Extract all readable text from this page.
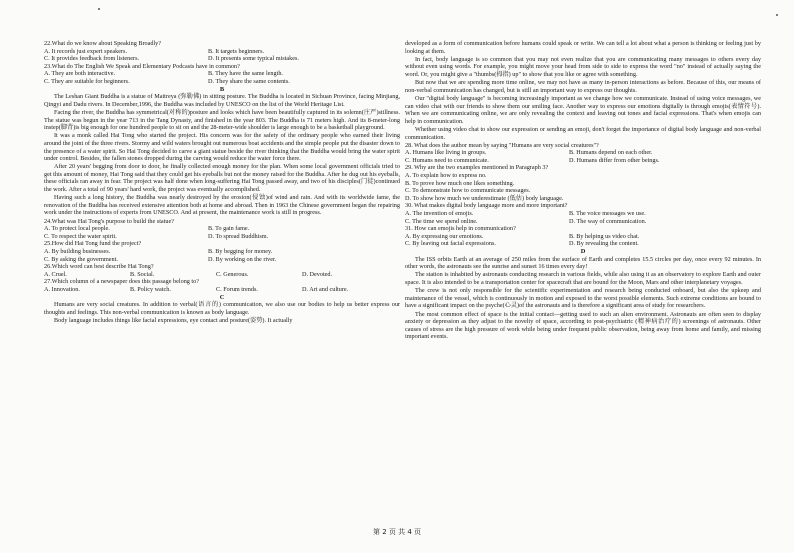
22.What do we know about Speaking Broadly?

A. It records just expert speakers.	B. It targets beginners.
C. It provides feedback from listeners.	D. It presents some typical mistakes.

23.What do The English We Speak and Elementary Podcasts have in common?

A. They are both interactive.	B. They have the same length.
C. They are suitable for beginners.	D. They share the same contents.

B

The Leshan Giant Buddha is a statue of Maitreya (弥勒佛) in sitting posture. The Buddha is located in Sichuan Province, facing Minjiang, Qingyi and Dadu rivers. In December,1996, the Buddha was included by UNESCO on the list of the World Heritage List.

Facing the river, the Buddha has symmetrical(对称的)posture and looks which have been beautifully captured in its solemn(庄严)stillness. The statue was begun in the year 713 in the Tang Dynasty, and finished in the year 803. The Buddha is 71 meters high. And its 8-meter-long instep(脚背)is big enough for one hundred people to sit on and the 28-meter-wide shoulder is large enough to be a basketball playground.

It was a monk called Hai Tong who started the project. His concern was for the safety of the ordinary people who earned their living around the joint of the three rivers. Stormy and wild waters brought out numerous boat accidents and the simple people put the disaster down to the presence of a water spirit. So Hai Tong decided to carve a giant statue beside the river thinking that the Buddha would bring the water spirit under control. Besides, the fallen stones dropped during the carving would reduce the water force there.

After 20 years' begging from door to door, he finally collected enough money for the plan. When some local government officials tried to get this amount of money, Hai Tong said that they could get his eyeballs but not the money raised for the Buddha. After he dug out his eyeballs, these officials ran away in fear. The project was half done when long-suffering Hai Tong passed away, and two of his disciples(门徒)continued the work. After a total of 90 years' hard work, the project was eventually accomplished.

Having such a long history, the Buddha was nearly destroyed by the erosion(侵蚀)of wind and rain. And with its worldwide fame, the renovation of the Buddha has received extensive attention both at home and abroad. Then in 1963 the Chinese government began the repairing work under the instructions of experts from UNESCO. And at present, the maintenance work is still in progress.

24.What was Hai Tong's purpose to build the statue?

A. To protect local people.	B. To gain fame.
C. To respect the water spirit.	D. To spread Buddhism.

25.How did Hai Tong fund the project?

A. By building businesses.	B. By begging for money.
C. By asking the government.	D. By working on the river.

26.Which word can best describe Hai Tong?

A. Cruel.	B. Social.	C. Generous.	D. Devoted.

27.Which column of a newspaper does this passage belong to?

A. Innovation.	B. Policy watch.	C. Forum trends.	D. Art and culture.

C

Humans are very social creatures. In addition to verbal(语言的) communication, we also use our bodies to help us better express our thoughts and feelings. This non-verbal communication is known as body language.

Body language includes things like facial expressions, eye contact and posture(姿势). It actually

developed as a form of communication before humans could speak or write. We can tell a lot about what a person is thinking or feeling just by looking at them.

In fact, body language is so common that you may not even realize that you are communicating many messages to others every day without even using words. For example, you might move your head from side to side to express the word "no" instead of actually saying the word. Or, you might give a "thumbs(拇指) up" to show that you like or agree with something.

But now that we are spending more time online, we may not have as many in-person interactions as before. Because of this, our means of non-verbal communication has changed, but is still an important way to express our thoughts.

Our "digital body language" is becoming increasingly important as we change how we communicate. Instead of using voice messages, we can video chat with our friends to show them our smiling face. Another way to express our emotions digitally is through emojis(表情符号). When we are communicating online, we are only revealing the context and leaving out tones and facial expressions. That's when emojis can help in communication.

Whether using video chat to show our expression or sending an emoji, don't forget the importance of digital body language and non-verbal communication.

28. What does the author mean by saying "Humans are very social creatures"?

A. Humans like living in groups.	B. Humans depend on each other.
C. Humans need to communicate.	D. Humans differ from other beings.

29. Why are the two examples mentioned in Paragraph 3?

A. To explain how to express no.

B. To prove how much one likes something.

C. To demonstrate how to communicate messages.

D. To show how much we underestimate (低估) body language.

30. What makes digital body language more and more important?

A. The invention of emojis.	B. The voice messages we use.
C. The time we spend online.	D. The way of communication.

31. How can emojis help in communication?

A. By expressing our emotions.	B. By helping us video chat.
C. By leaving out facial expressions.	D. By revealing the content.

D

The ISS orbits Earth at an average of 250 miles from the surface of Earth and completes 15.5 circles per day, once every 92 minutes. In other words, the astronauts see the sunrise and sunset 16 times every day!

The station is inhabited by astronauts conducting research in various fields, while also using it as an observatory to explore Earth and outer space. It is also intended to be a transportation center for spacecraft that are bound for the Moon, Mars and other interplanetary voyages.

The crew is not only responsible for the scientific experimentation and research being conducted onboard, but also the upkeep and maintenance of the vessel, which is continuously in motion and exposed to the worst possible elements. Such extreme conditions are bound to have a significant impact on the psyche(心灵)of the astronauts and is therefore a significant area of study for researchers.

The most common effect of space is the initial contact—getting used to such an alien environment. Astronauts are often seen to display anxiety or depression as they adjust to the novelty of space, according to post-psychiatric (精神病治疗的) screenings of astronauts. Other causes of stress are the high pressure of work while being under frequent public observation, being away from home and family, and missing important events.

第 2 页 共 4 页
